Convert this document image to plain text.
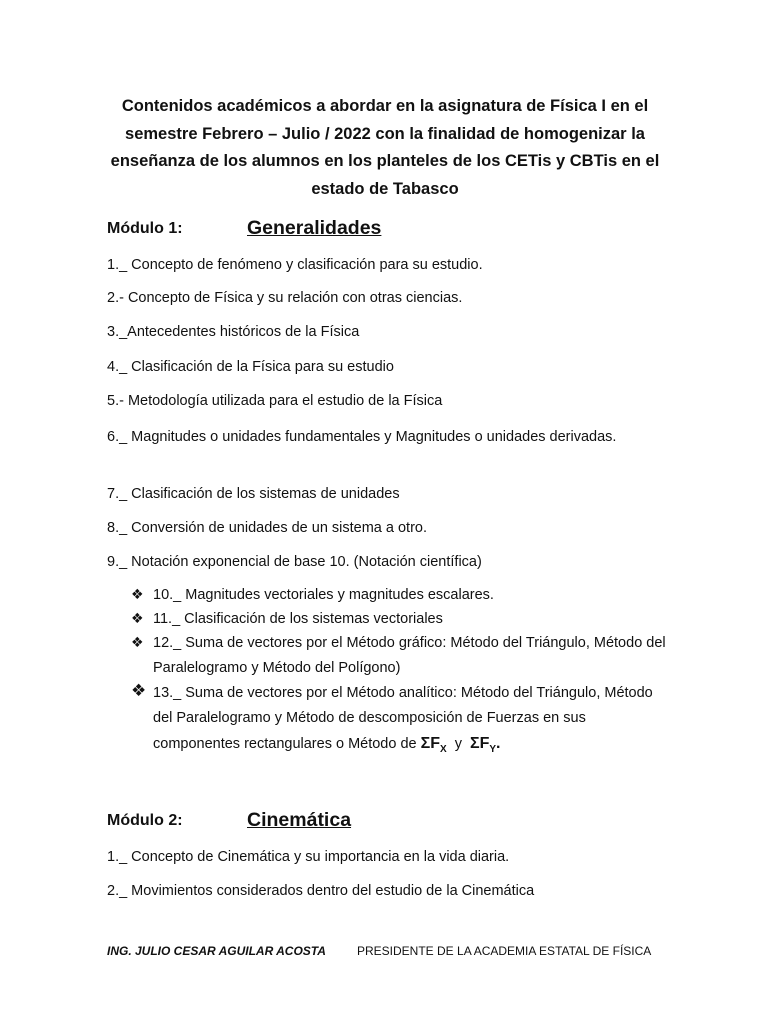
Contenidos académicos a abordar en la asignatura de Física I en el semestre Febrero – Julio / 2022 con la finalidad de homogenizar la enseñanza de los alumnos en los planteles de los CETis y CBTis en el estado de Tabasco
Módulo 1:	Generalidades
1._ Concepto de fenómeno y clasificación para su estudio.
2.- Concepto de Física y su relación con otras ciencias.
3._Antecedentes históricos de la Física
4._ Clasificación de la Física para su estudio
5.- Metodología utilizada para el estudio de la Física
6._ Magnitudes o unidades fundamentales y Magnitudes o unidades derivadas.
7._ Clasificación de los sistemas de unidades
8._ Conversión de unidades de un sistema a otro.
9._ Notación exponencial de base 10. (Notación científica)
❖ 10._ Magnitudes vectoriales y magnitudes escalares.
❖ 11._ Clasificación de los sistemas vectoriales
❖ 12._ Suma de vectores por el Método gráfico: Método del Triángulo, Método del Paralelogramo y Método del Polígono)
❖ 13._ Suma de vectores por el Método analítico: Método del Triángulo, Método del Paralelogramo y Método de descomposición de Fuerzas en sus componentes rectangulares o Método de $\Sigma F_X$ y $\Sigma F_Y$.
Módulo 2:	Cinemática
1._ Concepto de Cinemática y su importancia en la vida diaria.
2._ Movimientos considerados dentro del estudio de la Cinemática
ING. JULIO CESAR AGUILAR ACOSTA	PRESIDENTE DE LA ACADEMIA ESTATAL DE FÍSICA
